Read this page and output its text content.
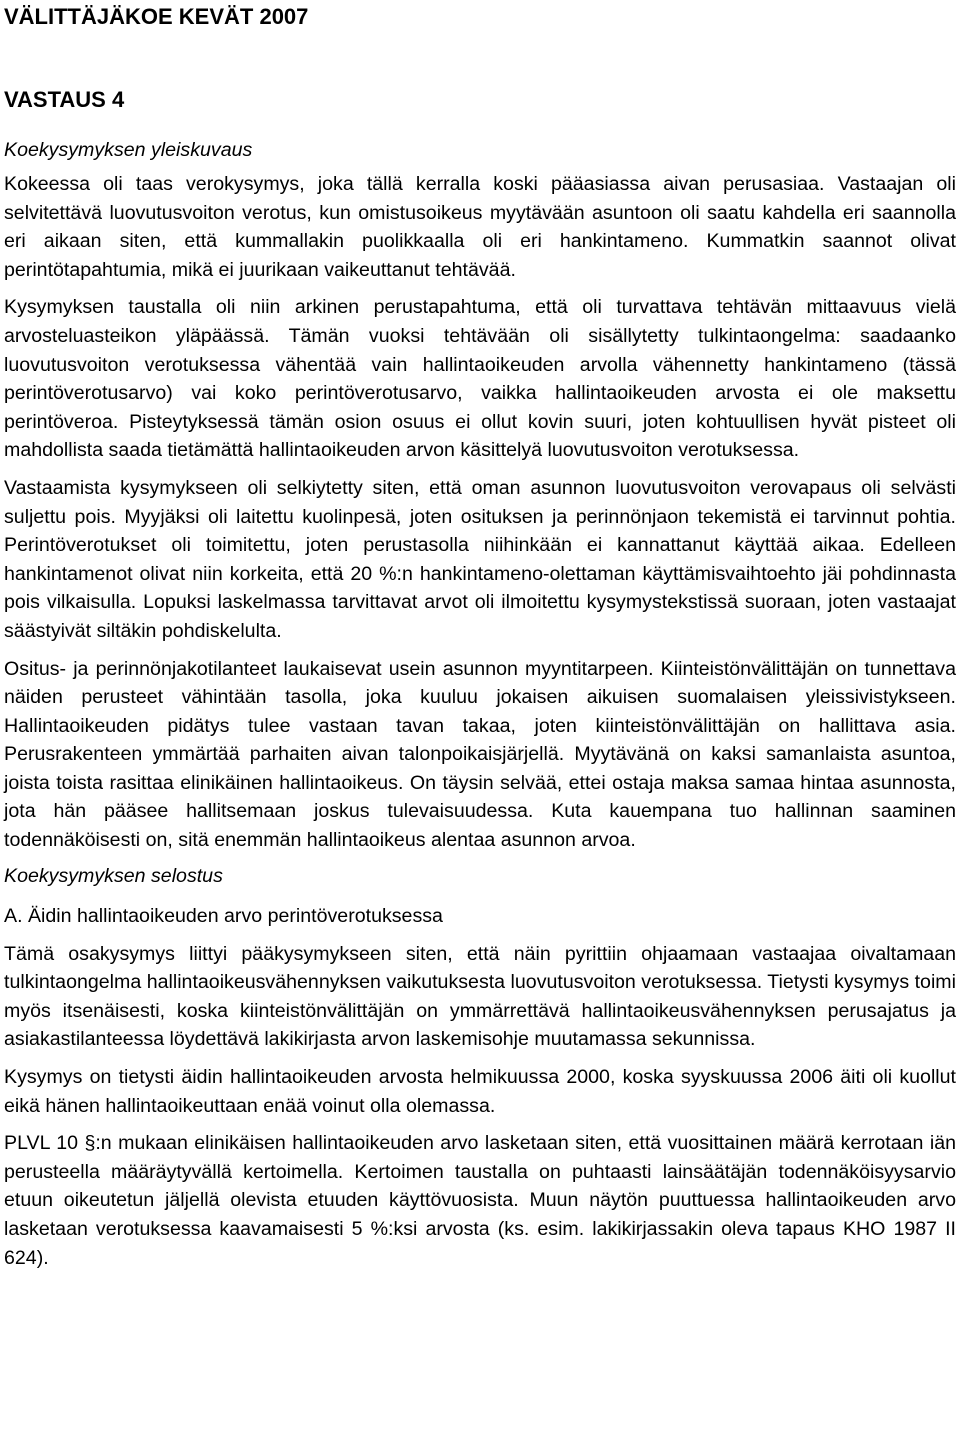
VÄLITTÄJÄKOE KEVÄT 2007
VASTAUS 4
Koekysymyksen yleiskuvaus

Kokeessa oli taas verokysymys, joka tällä kerralla koski pääasiassa aivan perusasiaa. Vastaajan oli selvitettävä luovutusvoiton verotus, kun omistusoikeus myytävään asuntoon oli saatu kahdella eri saannolla eri aikaan siten, että kummallakin puolikkaalla oli eri hankintameno. Kummatkin saannot olivat perintötapahtumia, mikä ei juurikaan vaikeuttanut tehtävää.

Kysymyksen taustalla oli niin arkinen perustapahtuma, että oli turvattava tehtävän mittaavuus vielä arvosteluasteikon yläpäässä. Tämän vuoksi tehtävään oli sisällytetty tulkintaongelma: saadaanko luovutusvoiton verotuksessa vähentää vain hallintaoikeuden arvolla vähennetty hankintameno (tässä perintöverotusarvo) vai koko perintöverotusarvo, vaikka hallintaoikeuden arvosta ei ole maksettu perintöveroa. Pisteytyksessä tämän osion osuus ei ollut kovin suuri, joten kohtuullisen hyvät pisteet oli mahdollista saada tietämättä hallintaoikeuden arvon käsittelyä luovutusvoiton verotuksessa.

Vastaamista kysymykseen oli selkiytetty siten, että oman asunnon luovutusvoiton verovapaus oli selvästi suljettu pois. Myyjäksi oli laitettu kuolinpesä, joten osituksen ja perinnönjaon tekemistä ei tarvinnut pohtia. Perintöverotukset oli toimitettu, joten perustasolla niihinkään ei kannattanut käyttää aikaa. Edelleen hankintamenot olivat niin korkeita, että 20 %:n hankintameno-olettaman käyttämisvaihtoehto jäi pohdinnasta pois vilkaisulla. Lopuksi laskelmassa tarvittavat arvot oli ilmoitettu kysymystekstissä suoraan, joten vastaajat säästyivät siltäkin pohdiskelulta.

Ositus- ja perinnönjakotilanteet laukaisevat usein asunnon myyntitarpeen. Kiinteistönvälittäjän on tunnettava näiden perusteet vähintään tasolla, joka kuuluu jokaisen aikuisen suomalaisen yleissivistykseen. Hallintaoikeuden pidätys tulee vastaan tavan takaa, joten kiinteistönvälittäjän on hallittava asia. Perusrakenteen ymmärtää parhaiten aivan talonpoikaisjärjellä. Myytävänä on kaksi samanlaista asuntoa, joista toista rasittaa elinikäinen hallintaoikeus. On täysin selvää, ettei ostaja maksa samaa hintaa asunnosta, jota hän pääsee hallitsemaan joskus tulevaisuudessa. Kuta kauempana tuo hallinnan saaminen todennäköisesti on, sitä enemmän hallintaoikeus alentaa asunnon arvoa.

Koekysymyksen selostus
A. Äidin hallintaoikeuden arvo perintöverotuksessa

Tämä osakysymys liittyi pääkysymykseen siten, että näin pyrittiin ohjaamaan vastaajaa oivaltamaan tulkintaongelma hallintaoikeusvähennyksen vaikutuksesta luovutusvoiton verotuksessa. Tietysti kysymys toimi myös itsenäisesti, koska kiinteistönvälittäjän on ymmärrettävä hallintaoikeusvähennyksen perusajatus ja asiakastilanteessa löydettävä lakikirjasta arvon laskemisohje muutamassa sekunnissa.

Kysymys on tietysti äidin hallintaoikeuden arvosta helmikuussa 2000, koska syyskuussa 2006 äiti oli kuollut eikä hänen hallintaoikeuttaan enää voinut olla olemassa.

PLVL 10 §:n mukaan elinikäisen hallintaoikeuden arvo lasketaan siten, että vuosittainen määrä kerrotaan iän perusteella määräytyvällä kertoimella. Kertoimen taustalla on puhtaasti lainsäätäjän todennäköisyysarvio etuun oikeutetun jäljellä olevista etuuden käyttövuosista. Muun näytön puuttuessa hallintaoikeuden arvo lasketaan verotuksessa kaavamaisesti 5 %:ksi arvosta (ks. esim. lakikirjassakin oleva tapaus KHO 1987 II 624).
